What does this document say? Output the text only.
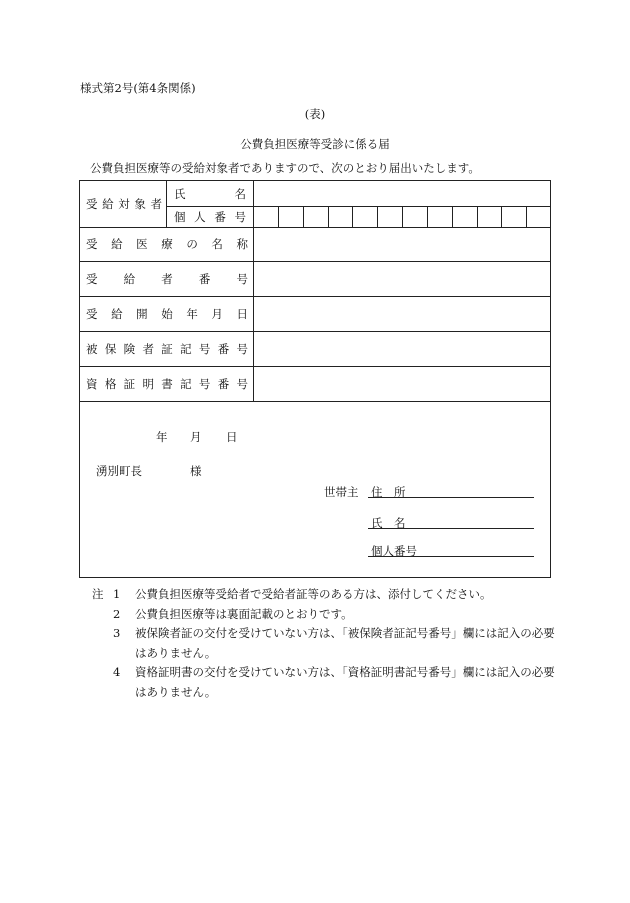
様式第2号(第4条関係)
(表)
公費負担医療等受診に係る届
公費負担医療等の受給対象者でありますので、次のとおり届出いたします。
受 給 対 象 者
氏	名
個 人 番 号
受 給 医 療 の 名 称
受 給 者 番 号
受 給 開 始 年 月 日
被 保 険 者 証 記 号 番 号
資 格 証 明 書 記 号 番 号
年 月 日
湧別町長	様
世帯主 住　所
氏　名
個人番号
注 1	公費負担医療等受給者で受給者証等のある方は、添付してください。
2	公費負担医療等は裏面記載のとおりです。
3	被保険者証の交付を受けていない方は、「被保険者証記号番号」欄には記入の必要はありません。
4	資格証明書の交付を受けていない方は、「資格証明書記号番号」欄には記入の必要はありません。
